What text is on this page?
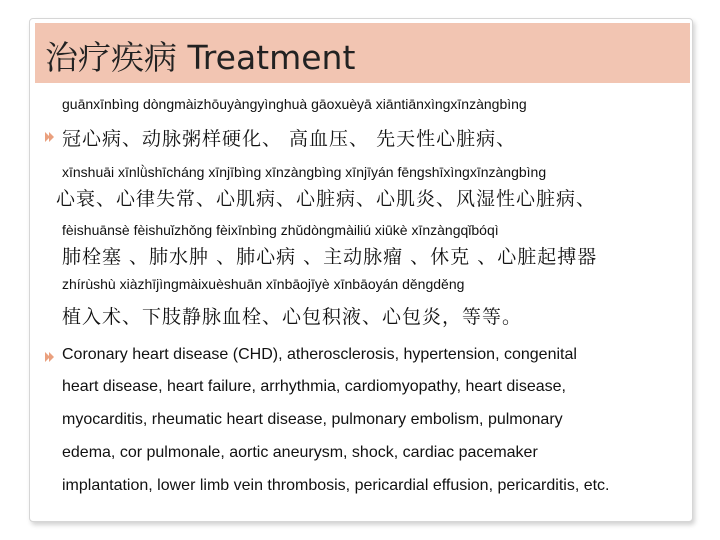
治疗疾病 Treatment
guānxīnbìng dòngmàizhōuyàngyìnghuà gāoxuèyā xiāntiānxìngxīnzàngbìng
冠心病、动脉粥样硬化、 高血压、 先天性心脏病、
xīnshuāi xīnlǜshīcháng xīnjībìng xīnzàngbìng xīnjīyán fēngshīxìngxīnzàngbìng
心衰、心律失常、心肌病、心脏病、心肌炎、风湿性心脏病、
fèishuānsè fèishuǐzhǒng fèixīnbìng zhǔdòngmàiliú xiūkè xīnzàngqǐbóqì
肺栓塞 、肺水肿 、肺心病 、主动脉瘤 、休克 、心脏起搏器
zhírùshù xiàzhījìngmàixuèshuān xīnbāojīyè xīnbāoyán děngděng
植入术、下肢静脉血栓、心包积液、心包炎，等等。
Coronary heart disease (CHD), atherosclerosis, hypertension, congenital
heart disease, heart failure, arrhythmia, cardiomyopathy, heart disease,
myocarditis, rheumatic heart disease, pulmonary embolism, pulmonary
edema, cor pulmonale, aortic aneurysm, shock, cardiac pacemaker
implantation, lower limb vein thrombosis, pericardial effusion, pericarditis, etc.
